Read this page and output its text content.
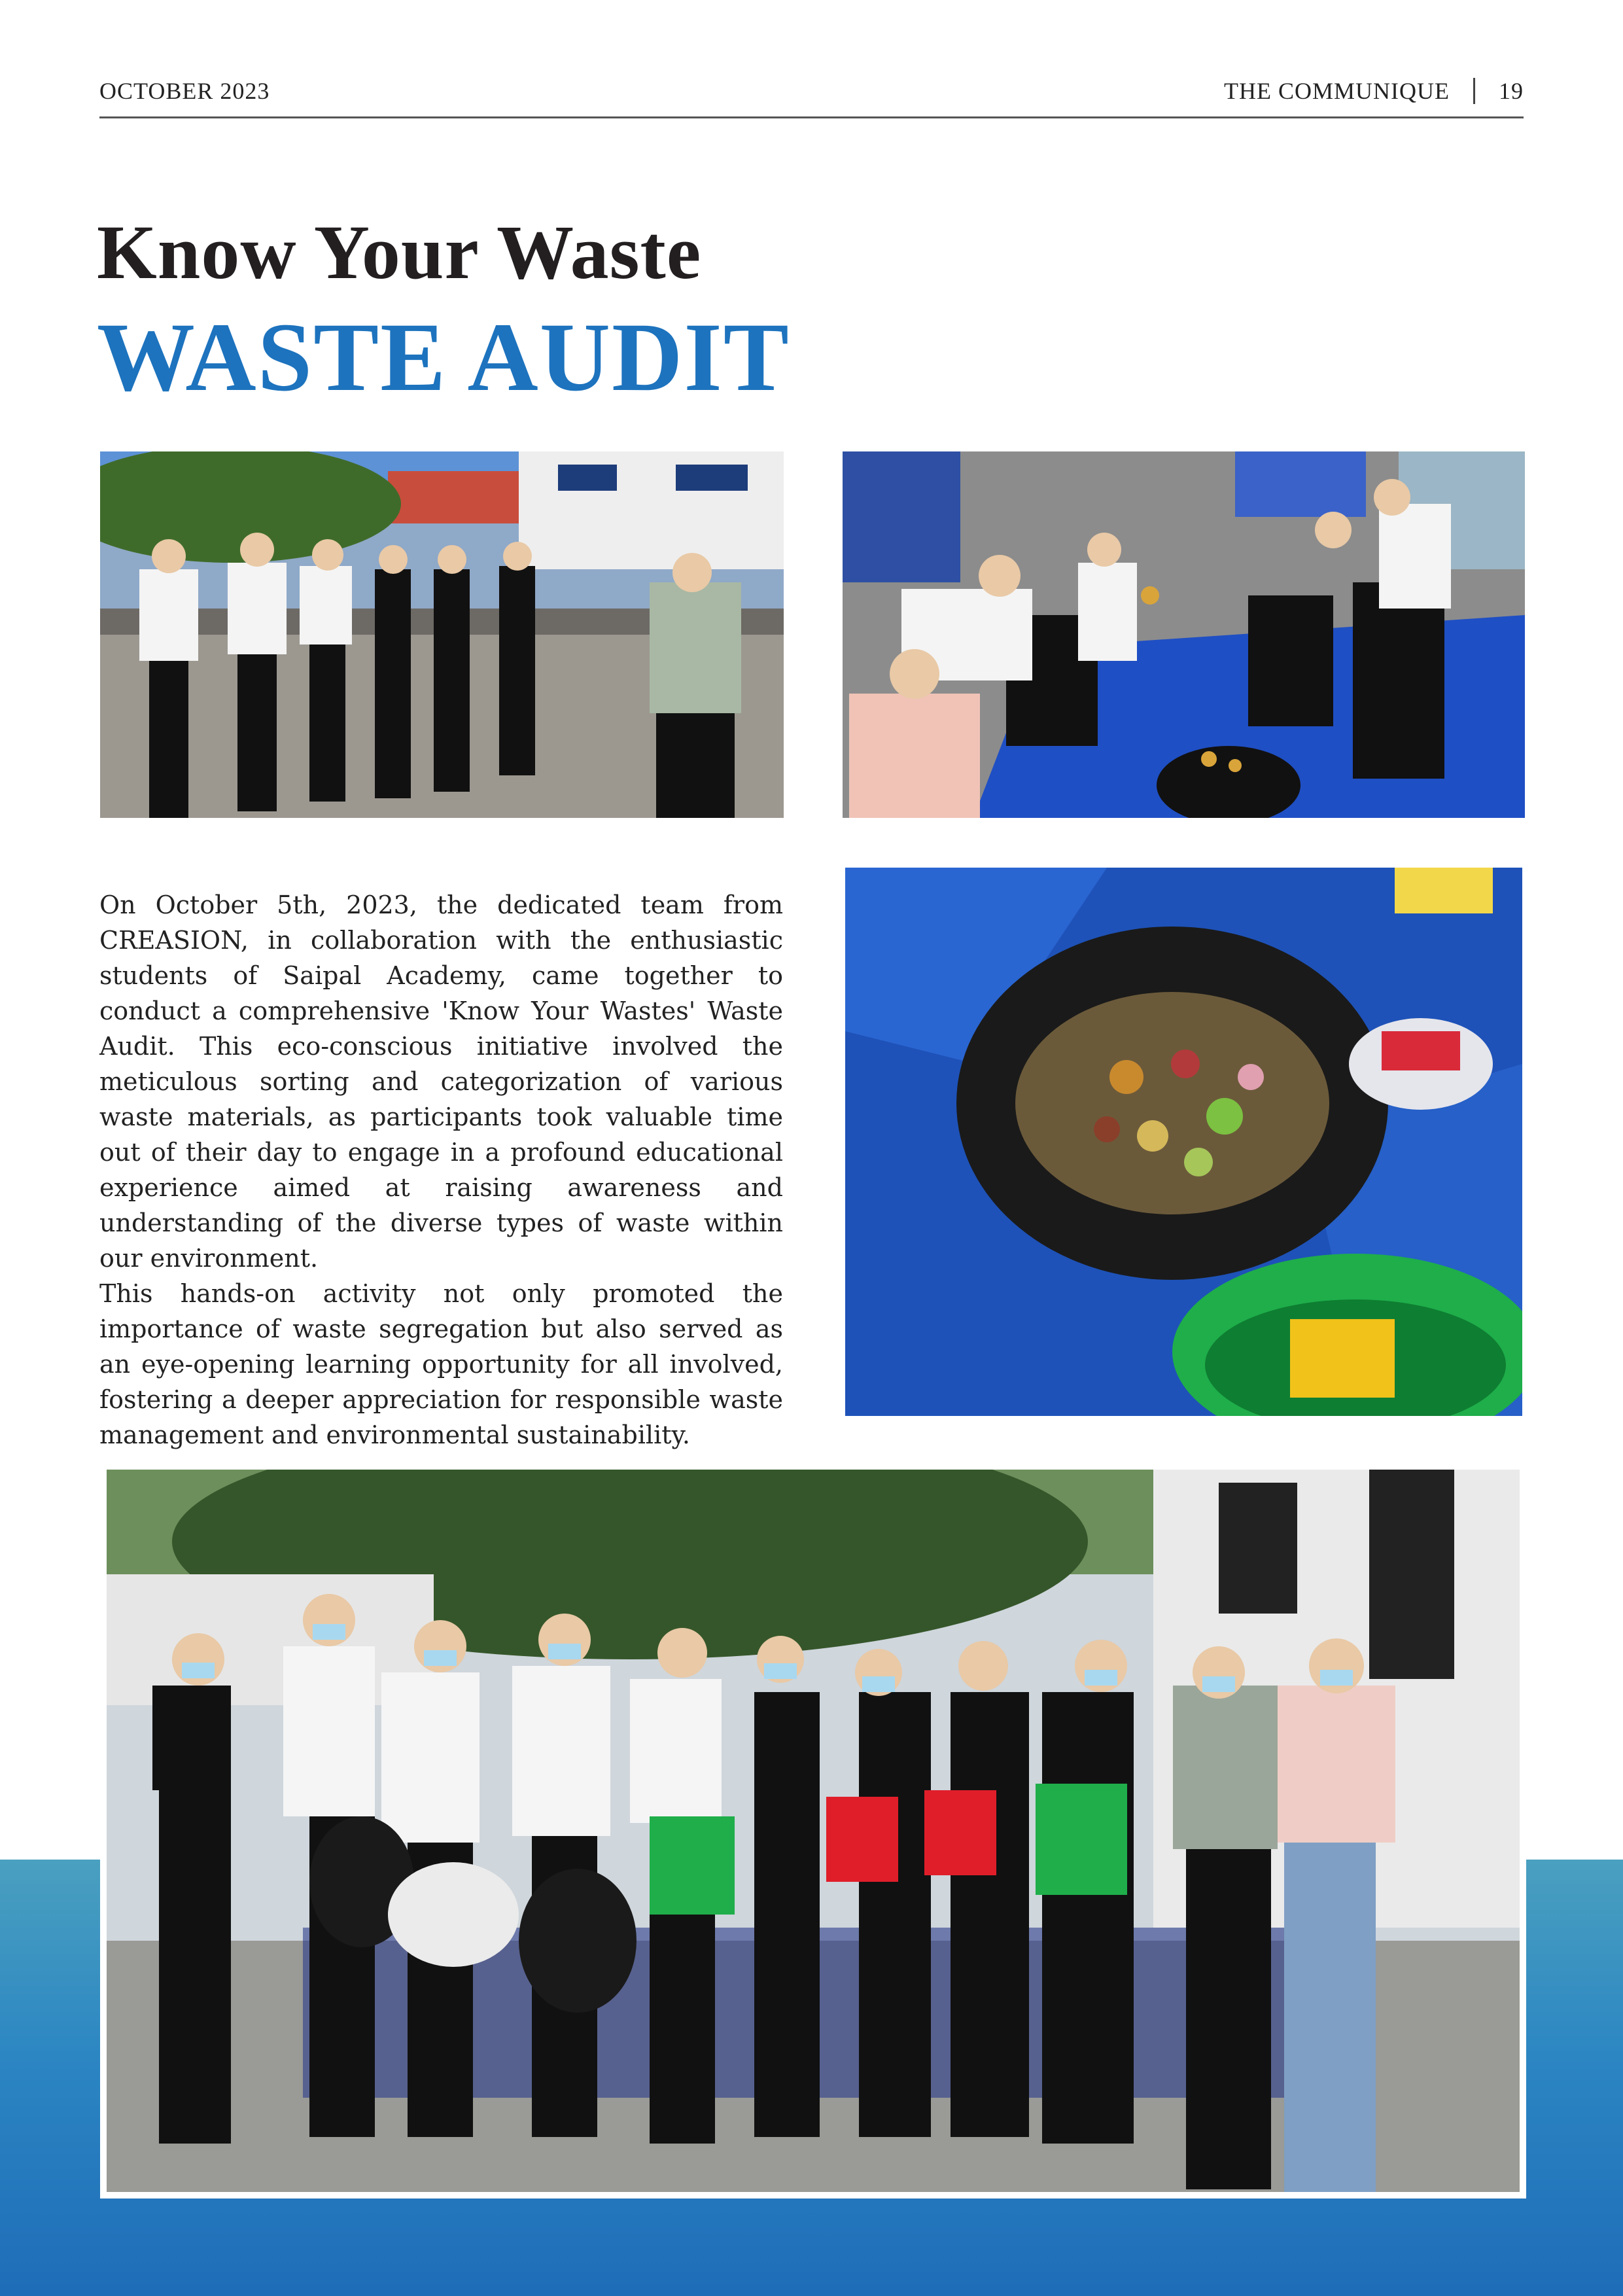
OCTOBER 2023	THE COMMUNIQUE 19
Know Your Waste
WASTE AUDIT

On October 5th, 2023, the dedicated team from CREASION, in collaboration with the enthusiastic students of Saipal Academy, came together to conduct a comprehensive 'Know Your Wastes' Waste Audit. This eco-conscious initiative involved the meticulous sorting and categorization of various waste materials, as participants took valuable time out of their day to engage in a profound educational experience aimed at raising awareness and understanding of the diverse types of waste within our environment.

This hands-on activity not only promoted the importance of waste segregation but also served as an eye-opening learning opportunity for all involved, fostering a deeper appreciation for responsible waste management and environmental sustainability.
